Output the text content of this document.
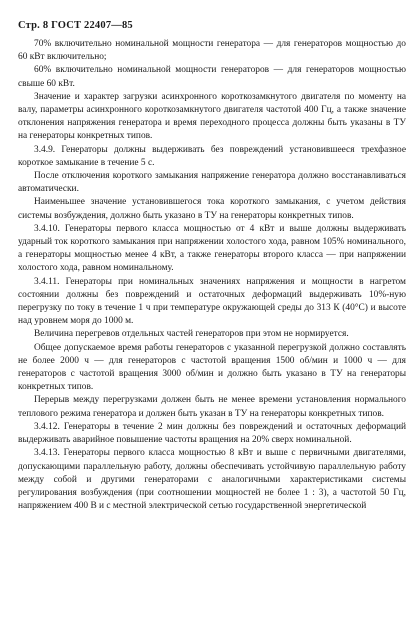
Стр. 8 ГОСТ 22407—85

70% включительно номинальной мощности генератора — для генераторов мощностью до 60 кВт включительно;

60% включительно номинальной мощности генераторов — для генераторов мощностью свыше 60 кВт.

Значение и характер загрузки асинхронного короткозамкнутого двигателя по моменту на валу, параметры асинхронного короткозамкнутого двигателя частотой 400 Гц, а также значение отклонения напряжения генератора и время переходного процесса должны быть указаны в ТУ на генераторы конкретных типов.

3.4.9. Генераторы должны выдерживать без повреждений установившееся трехфазное короткое замыкание в течение 5 с.

После отключения короткого замыкания напряжение генератора должно восстанавливаться автоматически.

Наименьшее значение установившегося тока короткого замыкания, с учетом действия системы возбуждения, должно быть указано в ТУ на генераторы конкретных типов.

3.4.10. Генераторы первого класса мощностью от 4 кВт и выше должны выдерживать ударный ток короткого замыкания при напряжении холостого хода, равном 105% номинального, а генераторы мощностью менее 4 кВт, а также генераторы второго класса — при напряжении холостого хода, равном номинальному.

3.4.11. Генераторы при номинальных значениях напряжения и мощности в нагретом состоянии должны без повреждений и остаточных деформаций выдерживать 10%-ную перегрузку по току в течение 1 ч при температуре окружающей среды до 313 К (40°С) и высоте над уровнем моря до 1000 м.

Величина перегревов отдельных частей генераторов при этом не нормируется.

Общее допускаемое время работы генераторов с указанной перегрузкой должно составлять не более 2000 ч — для генераторов с частотой вращения 1500 об/мин и 1000 ч — для генераторов с частотой вращения 3000 об/мин и должно быть указано в ТУ на генераторы конкретных типов.

Перерыв между перегрузками должен быть не менее времени установления нормального теплового режима генератора и должен быть указан в ТУ на генераторы конкретных типов.

3.4.12. Генераторы в течение 2 мин должны без повреждений и остаточных деформаций выдерживать аварийное повышение частоты вращения на 20% сверх номинальной.

3.4.13. Генераторы первого класса мощностью 8 кВт и выше с первичными двигателями, допускающими параллельную работу, должны обеспечивать устойчивую параллельную работу между собой и другими генераторами с аналогичными характеристиками системы регулирования возбуждения (при соотношении мощностей не более 1 : 3), а частотой 50 Гц, напряжением 400 В и с местной электрической сетью государственной энергетической
